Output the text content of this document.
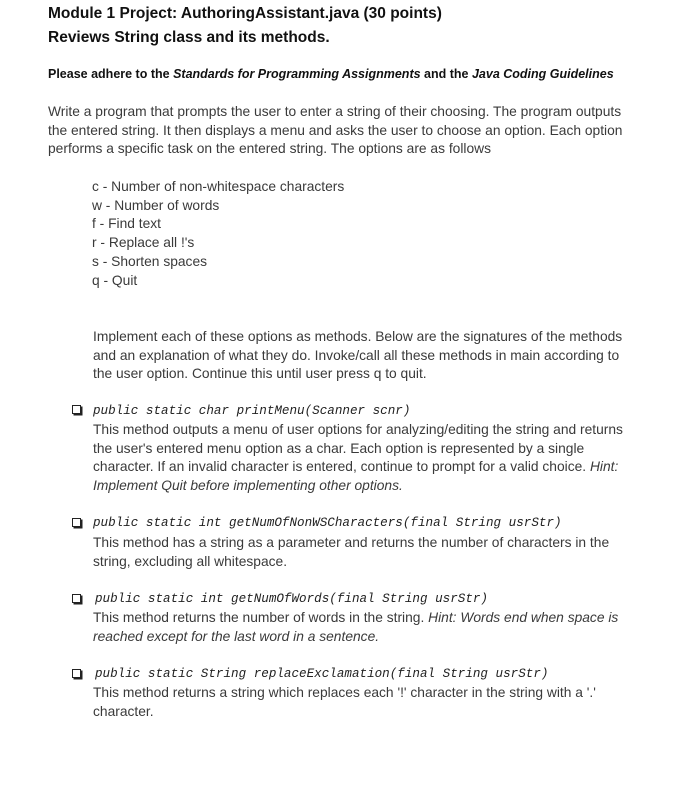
Module 1 Project: AuthoringAssistant.java (30 points)
Reviews String class and its methods.
Please adhere to the Standards for Programming Assignments and the Java Coding Guidelines
Write a program that prompts the user to enter a string of their choosing. The program outputs
the entered string. It then displays a menu and asks the user to choose an option. Each option
performs a specific task on the entered string. The options are as follows
c - Number of non-whitespace characters
w - Number of words
f - Find text
r - Replace all !'s
s - Shorten spaces
q - Quit
Implement each of these options as methods. Below are the signatures of the methods
and an explanation of what they do. Invoke/call all these methods in main according to
the user option. Continue this until user press q to quit.
public static char printMenu(Scanner scnr)
This method outputs a menu of user options for analyzing/editing the string and returns
the user's entered menu option as a char. Each option is represented by a single
character. If an invalid character is entered, continue to prompt for a valid choice. Hint:
Implement Quit before implementing other options.
public static int getNumOfNonWSCharacters(final String usrStr)
This method has a string as a parameter and returns the number of characters in the
string, excluding all whitespace.
public static int getNumOfWords(final String usrStr)
This method returns the number of words in the string. Hint: Words end when space is
reached except for the last word in a sentence.
public static String replaceExclamation(final String usrStr)
This method returns a string which replaces each '!' character in the string with a '.'
character.
